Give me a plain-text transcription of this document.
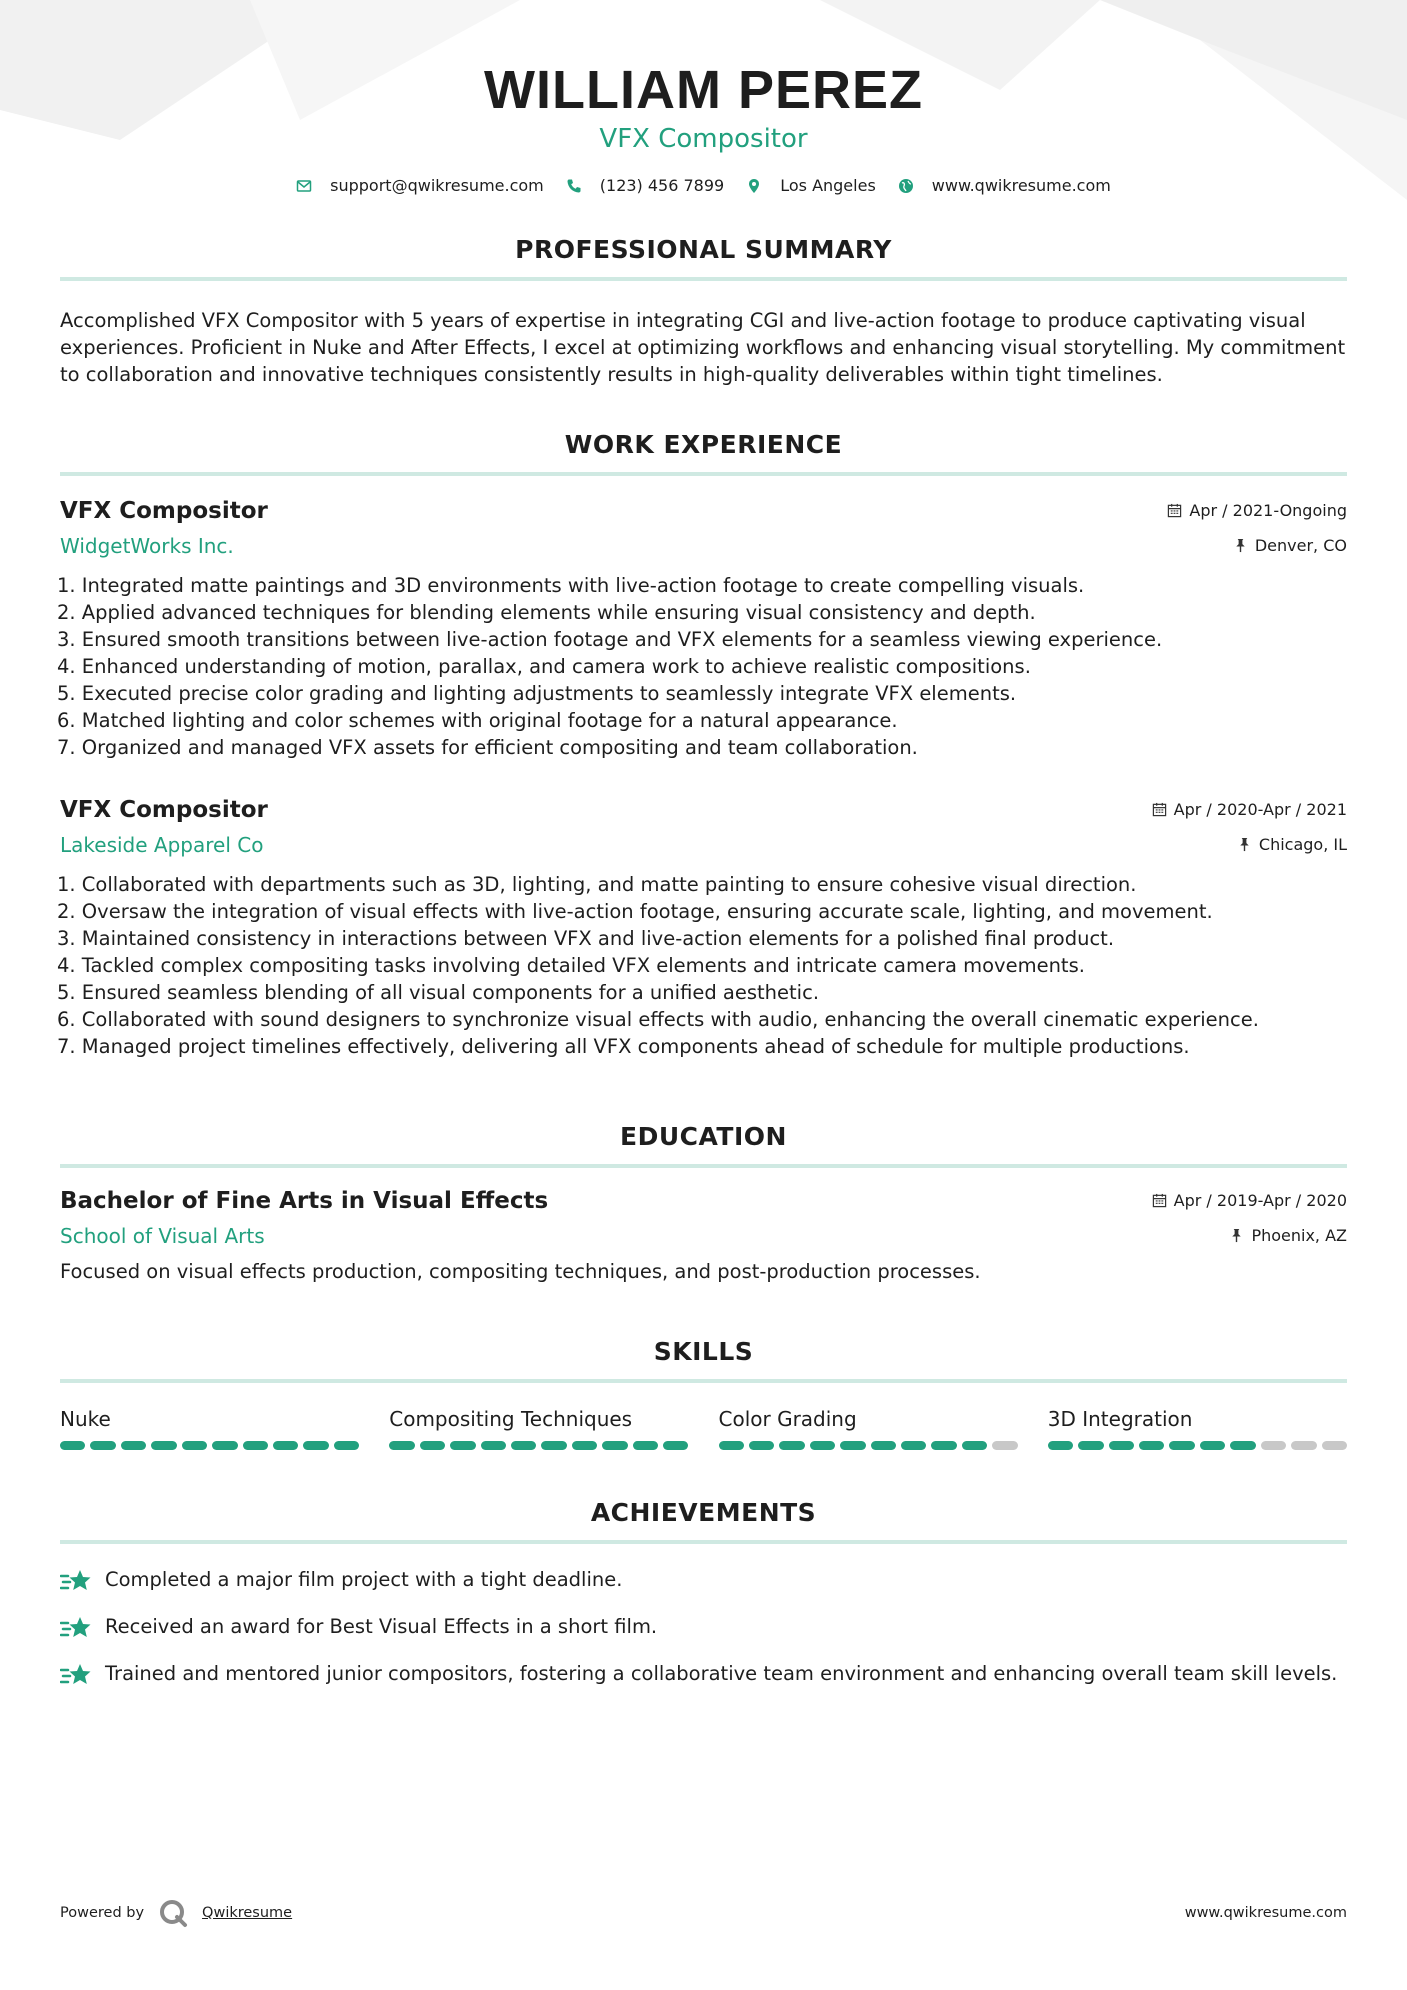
WILLIAM PEREZ
VFX Compositor
support@qwikresume.com	(123) 456 7899	Los Angeles	www.qwikresume.com
PROFESSIONAL SUMMARY
Accomplished VFX Compositor with 5 years of expertise in integrating CGI and live-action footage to produce captivating visual experiences. Proficient in Nuke and After Effects, I excel at optimizing workflows and enhancing visual storytelling. My commitment to collaboration and innovative techniques consistently results in high-quality deliverables within tight timelines.
WORK EXPERIENCE
VFX Compositor	Apr / 2021-Ongoing
WidgetWorks Inc.	Denver, CO
1. Integrated matte paintings and 3D environments with live-action footage to create compelling visuals.
2. Applied advanced techniques for blending elements while ensuring visual consistency and depth.
3. Ensured smooth transitions between live-action footage and VFX elements for a seamless viewing experience.
4. Enhanced understanding of motion, parallax, and camera work to achieve realistic compositions.
5. Executed precise color grading and lighting adjustments to seamlessly integrate VFX elements.
6. Matched lighting and color schemes with original footage for a natural appearance.
7. Organized and managed VFX assets for efficient compositing and team collaboration.
VFX Compositor	Apr / 2020-Apr / 2021
Lakeside Apparel Co	Chicago, IL
1. Collaborated with departments such as 3D, lighting, and matte painting to ensure cohesive visual direction.
2. Oversaw the integration of visual effects with live-action footage, ensuring accurate scale, lighting, and movement.
3. Maintained consistency in interactions between VFX and live-action elements for a polished final product.
4. Tackled complex compositing tasks involving detailed VFX elements and intricate camera movements.
5. Ensured seamless blending of all visual components for a unified aesthetic.
6. Collaborated with sound designers to synchronize visual effects with audio, enhancing the overall cinematic experience.
7. Managed project timelines effectively, delivering all VFX components ahead of schedule for multiple productions.
EDUCATION
Bachelor of Fine Arts in Visual Effects	Apr / 2019-Apr / 2020
School of Visual Arts	Phoenix, AZ
Focused on visual effects production, compositing techniques, and post-production processes.
SKILLS
Nuke	Compositing Techniques	Color Grading	3D Integration
ACHIEVEMENTS
Completed a major film project with a tight deadline.
Received an award for Best Visual Effects in a short film.
Trained and mentored junior compositors, fostering a collaborative team environment and enhancing overall team skill levels.
Powered by	Qwikresume	www.qwikresume.com
